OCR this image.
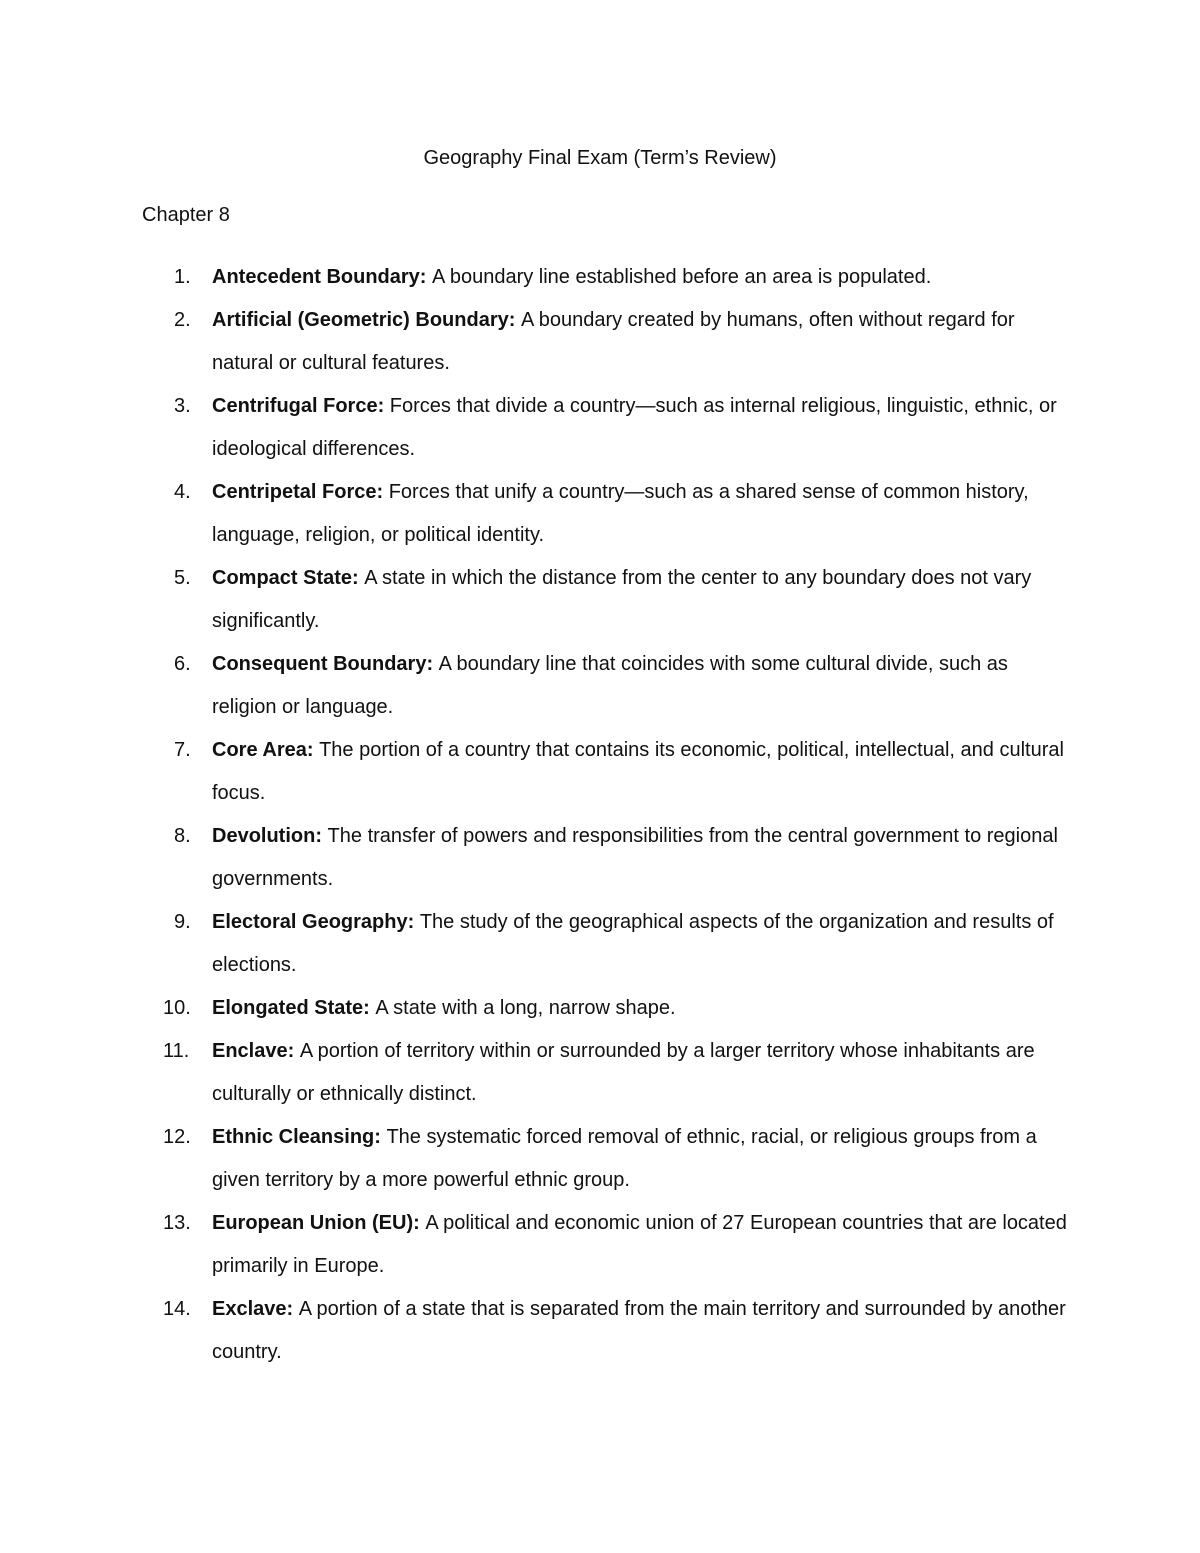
Geography Final Exam (Term’s Review)
Chapter 8
1. Antecedent Boundary: A boundary line established before an area is populated.
2. Artificial (Geometric) Boundary: A boundary created by humans, often without regard for natural or cultural features.
3. Centrifugal Force: Forces that divide a country—such as internal religious, linguistic, ethnic, or ideological differences.
4. Centripetal Force: Forces that unify a country—such as a shared sense of common history, language, religion, or political identity.
5. Compact State: A state in which the distance from the center to any boundary does not vary significantly.
6. Consequent Boundary: A boundary line that coincides with some cultural divide, such as religion or language.
7. Core Area: The portion of a country that contains its economic, political, intellectual, and cultural focus.
8. Devolution: The transfer of powers and responsibilities from the central government to regional governments.
9. Electoral Geography: The study of the geographical aspects of the organization and results of elections.
10. Elongated State: A state with a long, narrow shape.
11. Enclave: A portion of territory within or surrounded by a larger territory whose inhabitants are culturally or ethnically distinct.
12. Ethnic Cleansing: The systematic forced removal of ethnic, racial, or religious groups from a given territory by a more powerful ethnic group.
13. European Union (EU): A political and economic union of 27 European countries that are located primarily in Europe.
14. Exclave: A portion of a state that is separated from the main territory and surrounded by another country.
